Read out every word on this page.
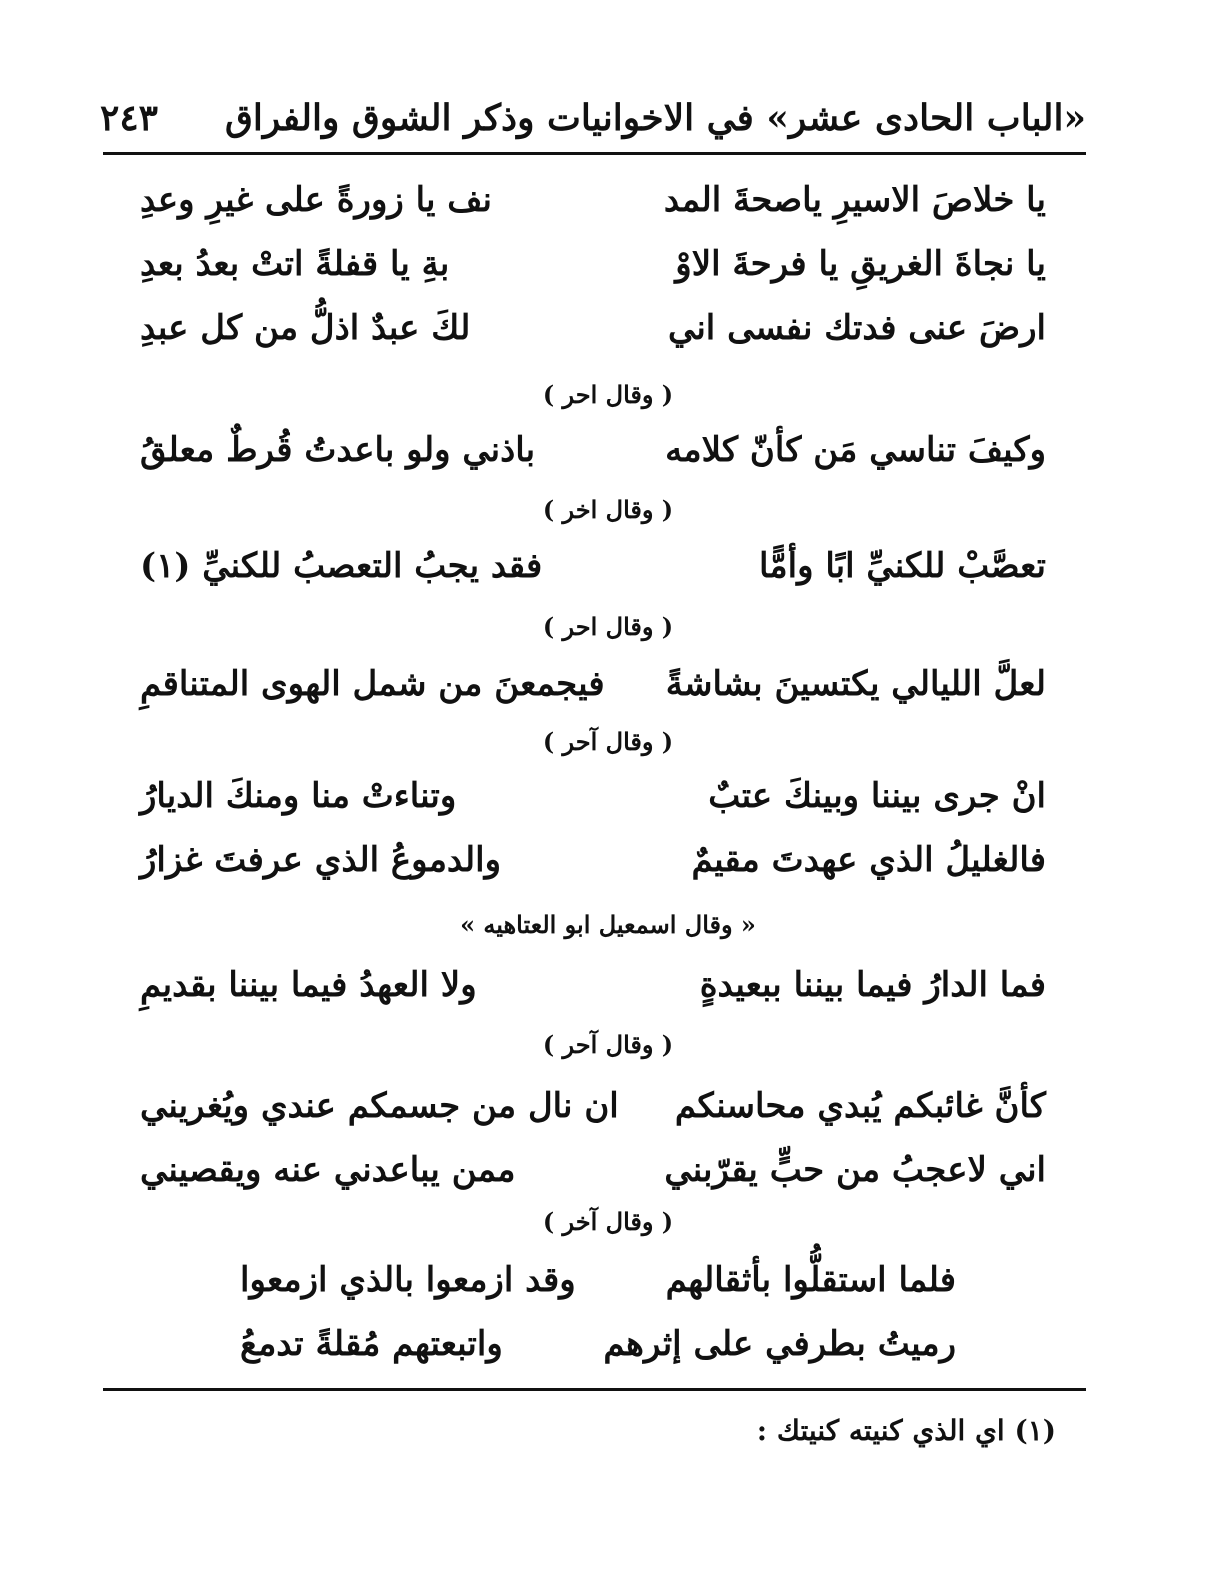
«الباب الحادى عشر» في الاخوانيات وذكر الشوق والفراق
٢٤٣
يا خلاصَ الاسيرِ ياصحةَ المد
نف يا زورةً على غيرِ وعدِ
يا نجاةَ الغريقِ يا فرحةَ الاوْ
بةِ يا قفلةً اتتْ بعدُ بعدِ
ارضَ عنى فدتك نفسى اني
لكَ عبدٌ اذلُّ من كل عبدِ
( وقال احر )
وكيفَ تناسي مَن كأنّ كلامه
باذني ولو باعدتُ قُرطٌ معلقُ
( وقال اخر )
تعصَّبْ للكنيِّ ابًا وأمًّا
فقد يجبُ التعصبُ للكنيِّ (١)
( وقال احر )
لعلَّ الليالي يكتسينَ بشاشةً
فيجمعنَ من شمل الهوى المتناقمِ
( وقال آحر )
انْ جرى بيننا وبينكَ عتبٌ
وتناءتْ منا ومنكَ الديارُ
فالغليلُ الذي عهدتَ مقيمٌ
والدموعُ الذي عرفتَ غزارُ
« وقال اسمعيل ابو العتاهيه »
فما الدارُ فيما بيننا ببعيدةٍ
ولا العهدُ فيما بيننا بقديمِ
( وقال آحر )
كأنَّ غائبكم يُبدي محاسنكم
ان نال من جسمكم عندي ويُغريني
اني لاعجبُ من حبٍّ يقرّبني
ممن يباعدني عنه ويقصيني
( وقال آخر )
فلما استقلُّوا بأثقالهم
وقد ازمعوا بالذي ازمعوا
رميتُ بطرفي على إثرهم
واتبعتهم مُقلةً تدمعُ
(١) اي الذي كنيته كنيتك :
